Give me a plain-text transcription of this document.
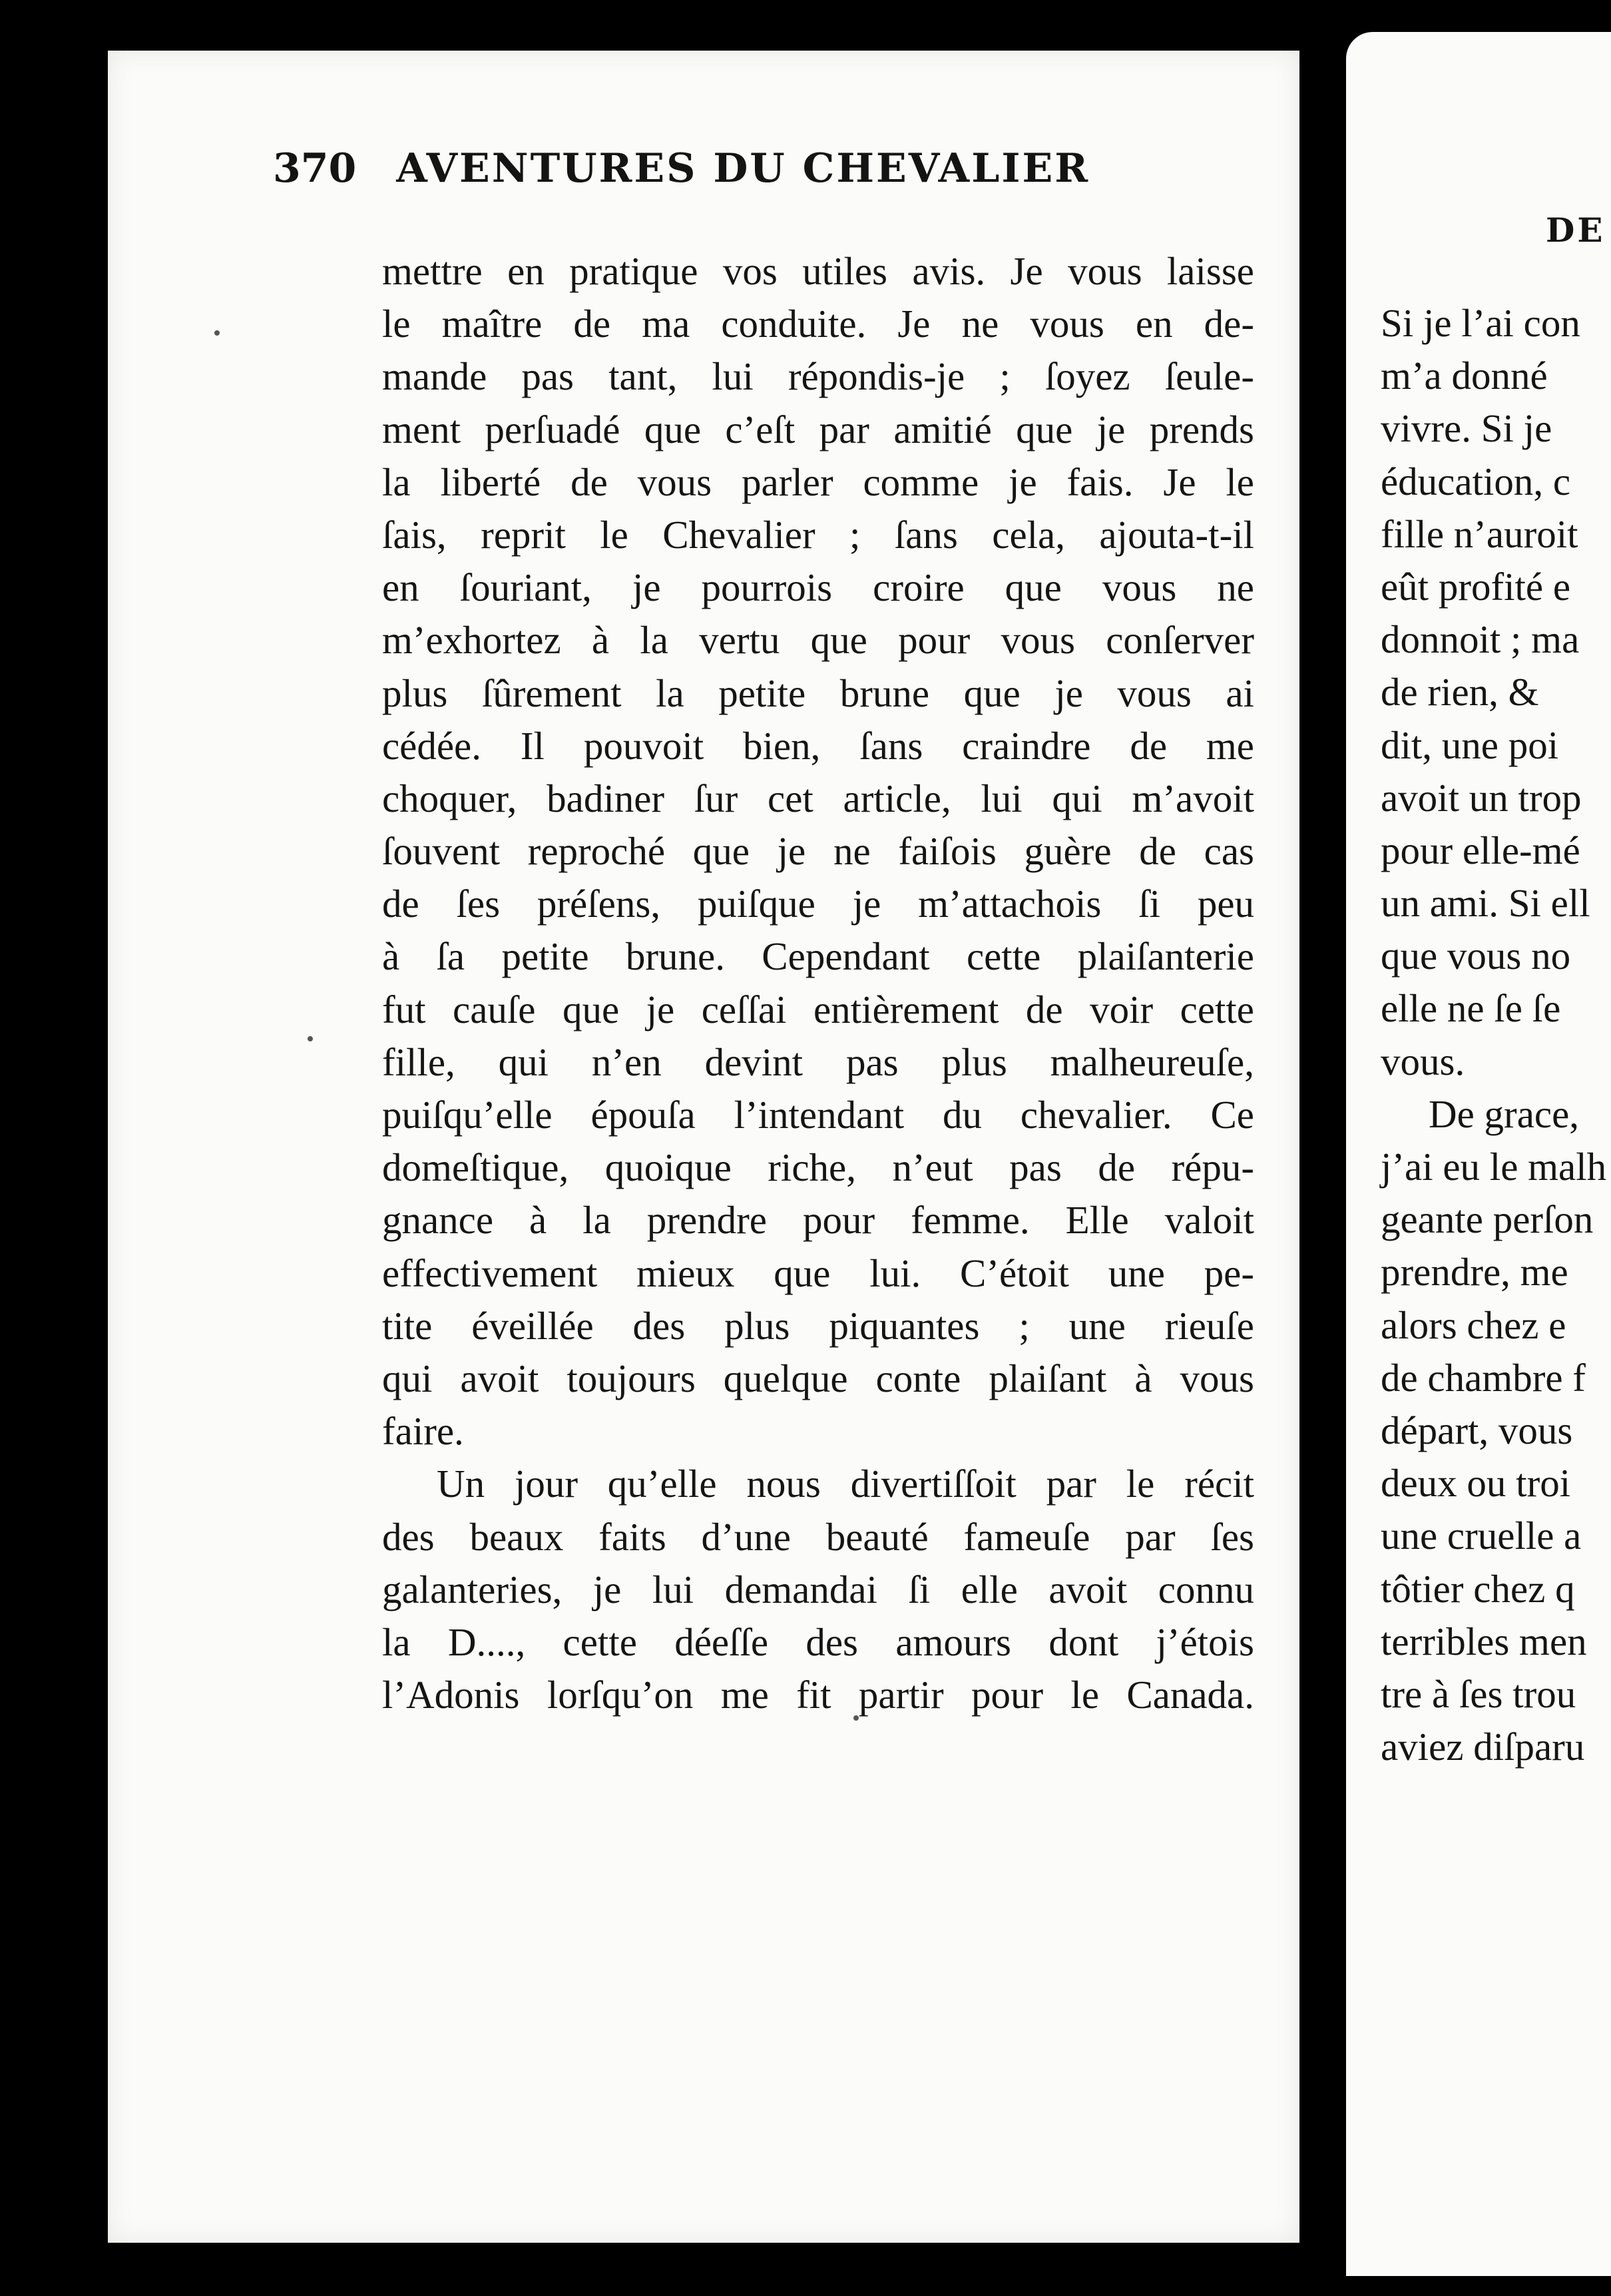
370 AVENTURES DU CHEVALIER
mettre en pratique vos utiles avis. Je vous laisse
le maître de ma conduite. Je ne vous en de-
mande pas tant, lui répondis-je ; ſoyez ſeule-
ment perſuadé que c’eſt par amitié que je prends
la liberté de vous parler comme je fais. Je le
ſais, reprit le Chevalier ; ſans cela, ajouta-t-il
en ſouriant, je pourrois croire que vous ne
m’exhortez à la vertu que pour vous conſerver
plus ſûrement la petite brune que je vous ai
cédée. Il pouvoit bien, ſans craindre de me
choquer, badiner ſur cet article, lui qui m’avoit
ſouvent reproché que je ne faiſois guère de cas
de ſes préſens, puiſque je m’attachois ſi peu
à ſa petite brune. Cependant cette plaiſanterie
fut cauſe que je ceſſai entièrement de voir cette
fille, qui n’en devint pas plus malheureuſe,
puiſqu’elle épouſa l’intendant du chevalier. Ce
domeſtique, quoique riche, n’eut pas de répu-
gnance à la prendre pour femme. Elle valoit
effectivement mieux que lui. C’étoit une pe-
tite éveillée des plus piquantes ; une rieuſe
qui avoit toujours quelque conte plaiſant à vous
faire.
Un jour qu’elle nous divertiſſoit par le récit
des beaux faits d’une beauté fameuſe par ſes
galanteries, je lui demandai ſi elle avoit connu
la D...., cette déeſſe des amours dont j’étois
l’Adonis lorſqu’on me fit partir pour le Canada.
DE
Si je l’ai con
m’a donné
vivre. Si je
éducation, c
fille n’auroit
eût profité e
donnoit ; ma
de rien, &
dit, une poi
avoit un trop
pour elle-mé
un ami. Si ell
que vous no
elle ne ſe ſe
vous.
De grace,
j’ai eu le malh
geante perſon
prendre, me
alors chez e
de chambre f
départ, vous
deux ou troi
une cruelle a
tôtier chez q
terribles men
tre à ſes trou
aviez diſparu
